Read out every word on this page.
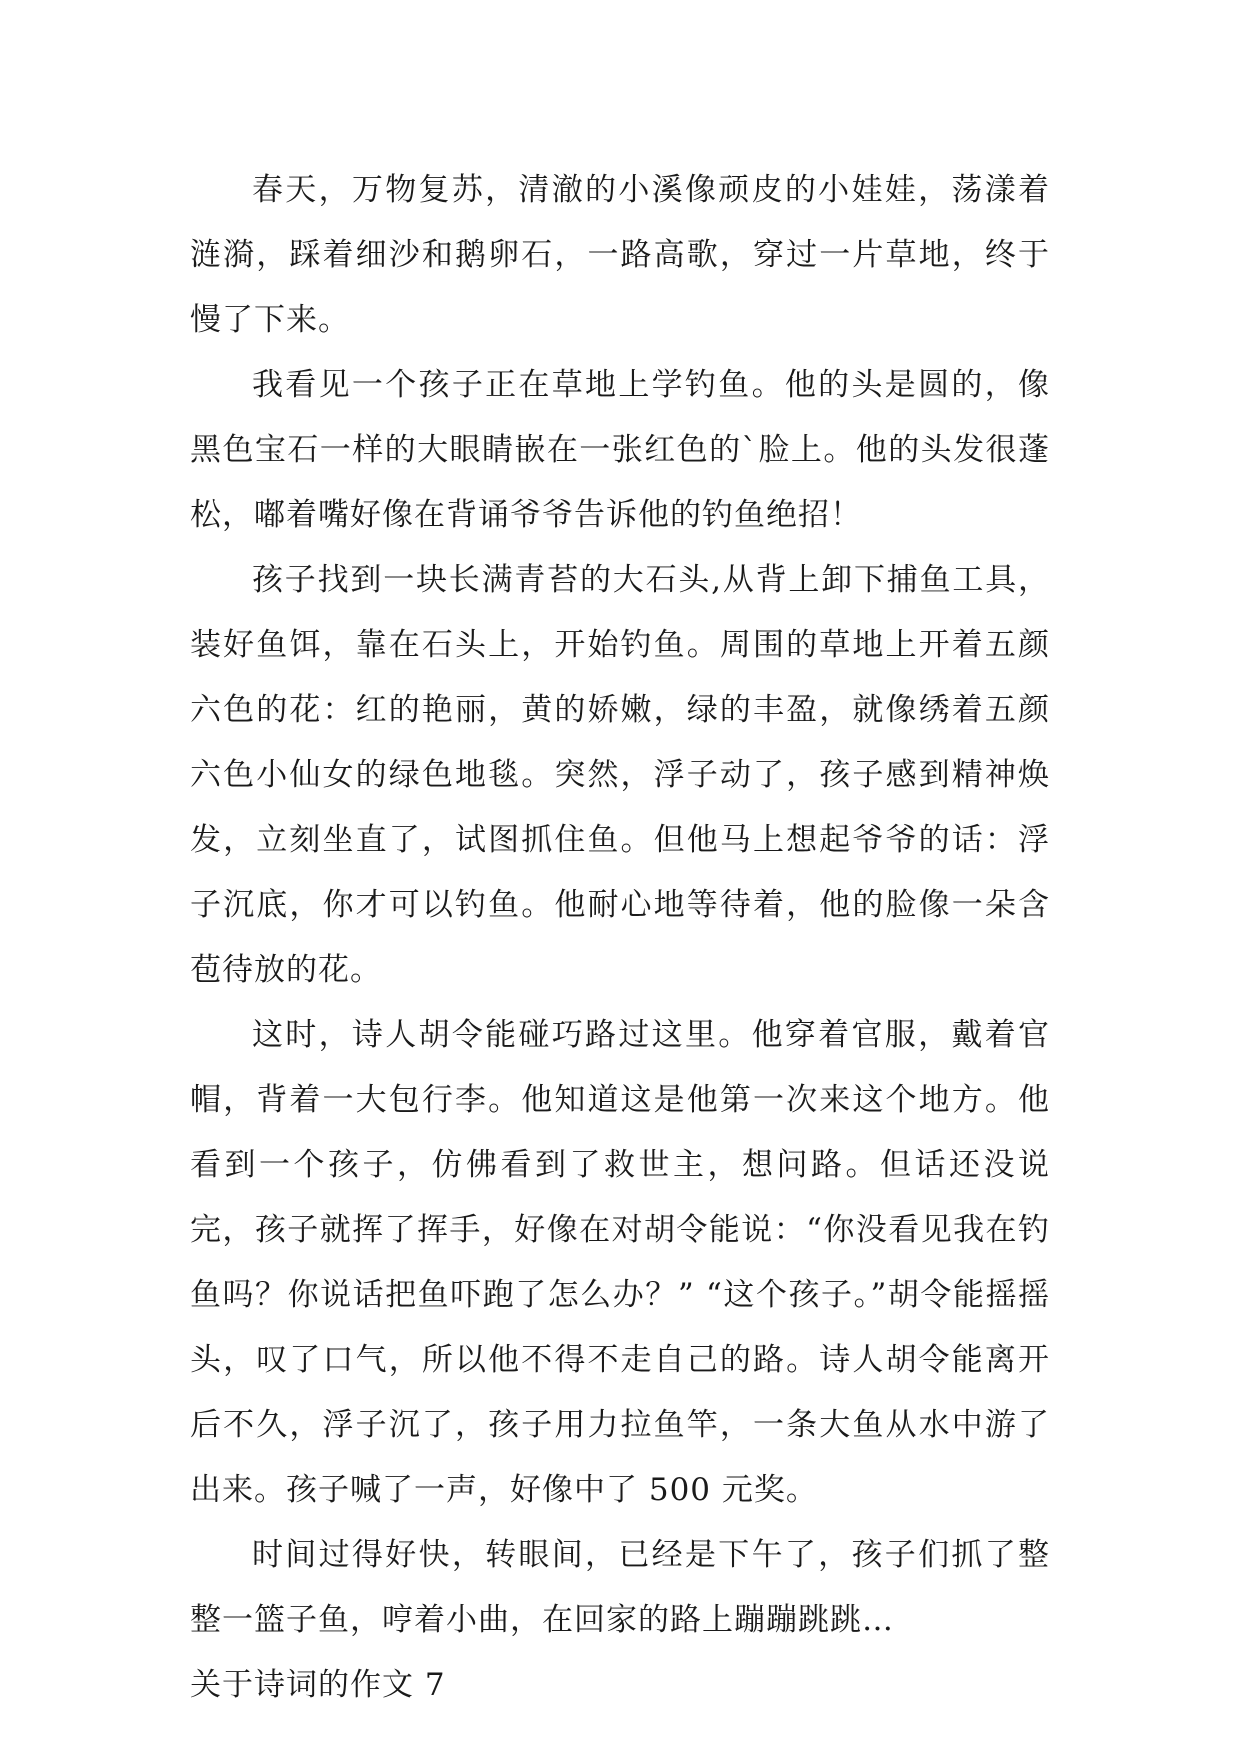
春天，万物复苏，清澈的小溪像顽皮的小娃娃，荡漾着涟漪，踩着细沙和鹅卵石，一路高歌，穿过一片草地，终于慢了下来。

我看见一个孩子正在草地上学钓鱼。他的头是圆的，像黑色宝石一样的大眼睛嵌在一张红色的`脸上。他的头发很蓬松，嘟着嘴好像在背诵爷爷告诉他的钓鱼绝招！

孩子找到一块长满青苔的大石头,从背上卸下捕鱼工具，装好鱼饵，靠在石头上，开始钓鱼。周围的草地上开着五颜六色的花：红的艳丽，黄的娇嫩，绿的丰盈，就像绣着五颜六色小仙女的绿色地毯。突然，浮子动了，孩子感到精神焕发，立刻坐直了，试图抓住鱼。但他马上想起爷爷的话：浮子沉底，你才可以钓鱼。他耐心地等待着，他的脸像一朵含苞待放的花。

这时，诗人胡令能碰巧路过这里。他穿着官服，戴着官帽，背着一大包行李。他知道这是他第一次来这个地方。他看到一个孩子，仿佛看到了救世主，想问路。但话还没说完，孩子就挥了挥手，好像在对胡令能说：“你没看见我在钓鱼吗？你说话把鱼吓跑了怎么办？” “这个孩子。”胡令能摇摇头，叹了口气，所以他不得不走自己的路。诗人胡令能离开后不久，浮子沉了，孩子用力拉鱼竿，一条大鱼从水中游了出来。孩子喊了一声，好像中了 500 元奖。

时间过得好快，转眼间，已经是下午了，孩子们抓了整整一篮子鱼，哼着小曲，在回家的路上蹦蹦跳跳…

关于诗词的作文 7
